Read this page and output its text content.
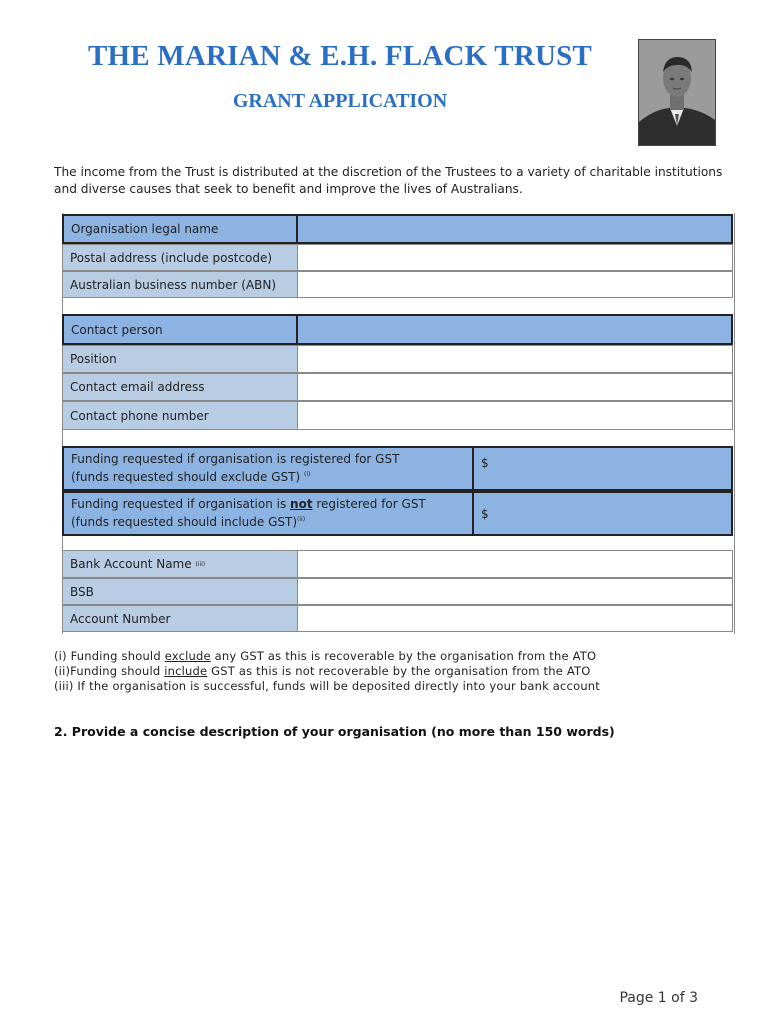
THE MARIAN & E.H. FLACK TRUST
GRANT APPLICATION
The income from the Trust is distributed at the discretion of the Trustees to a variety of charitable institutions and diverse causes that seek to benefit and improve the lives of Australians.
Organisation legal name
Postal address (include postcode)
Australian business number (ABN)
Contact person
Position
Contact email address
Contact phone number
Funding requested if organisation is registered for GST
(funds requested should exclude GST) $^{(i)}$
$
Funding requested if organisation is not registered for GST
(funds requested should include GST)$^{(ii)}$	$
Bank Account Name
(iii)
BSB
Account Number
(i) Funding should exclude any GST as this is recoverable by the organisation from the ATO
(ii)Funding should include GST as this is not recoverable by the organisation from the ATO
(iii) If the organisation is successful, funds will be deposited directly into your bank account
2. Provide a concise description of your organisation (no more than 150 words)
Page 1 of 3
